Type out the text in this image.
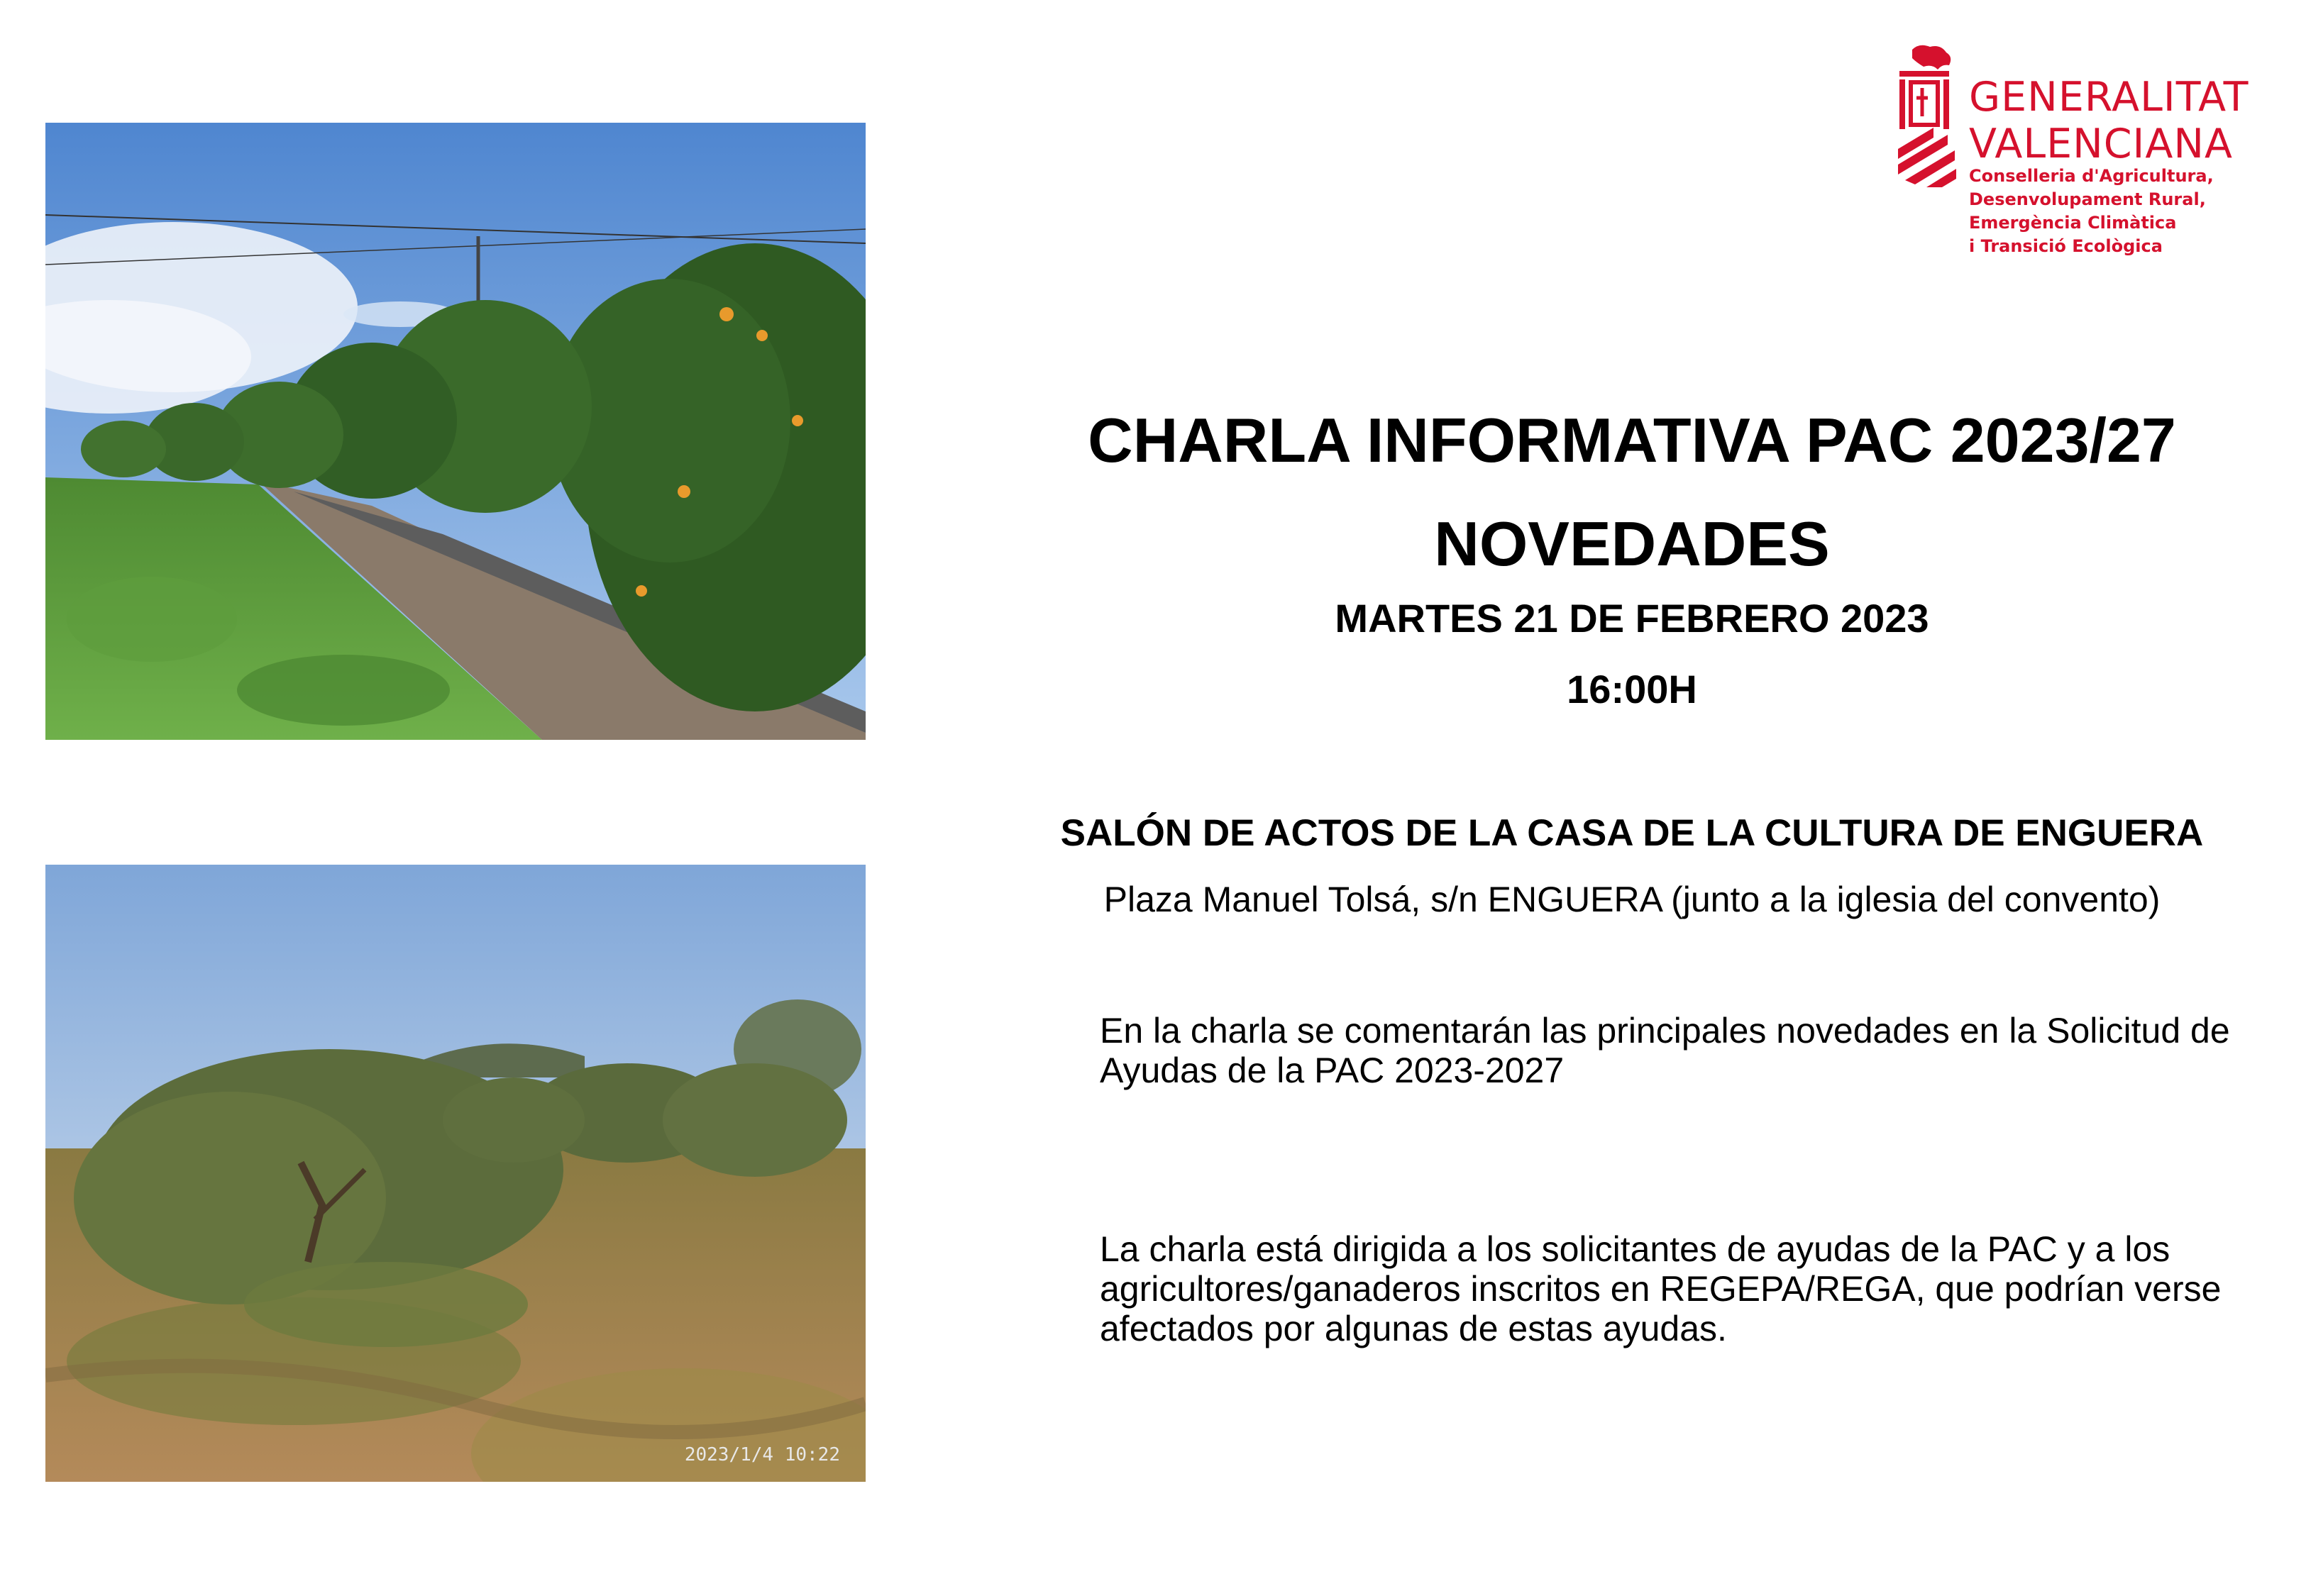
2023/1/4 10:22
GENERALITAT
VALENCIANA
Conselleria d'Agricultura,
Desenvolupament Rural,
Emergència Climàtica
i Transició Ecològica
CHARLA INFORMATIVA PAC 2023/27
NOVEDADES
MARTES 21 DE FEBRERO 2023
16:00H
SALÓN DE ACTOS DE LA CASA DE LA CULTURA DE ENGUERA
Plaza Manuel Tolsá, s/n ENGUERA (junto a la iglesia del convento)
En la charla se comentarán las principales novedades en la Solicitud de Ayudas de la PAC 2023-2027
La charla está dirigida a los solicitantes de ayudas de la PAC y a los agricultores/ganaderos inscritos en REGEPA/REGA, que podrían verse afectados por algunas de estas ayudas.
